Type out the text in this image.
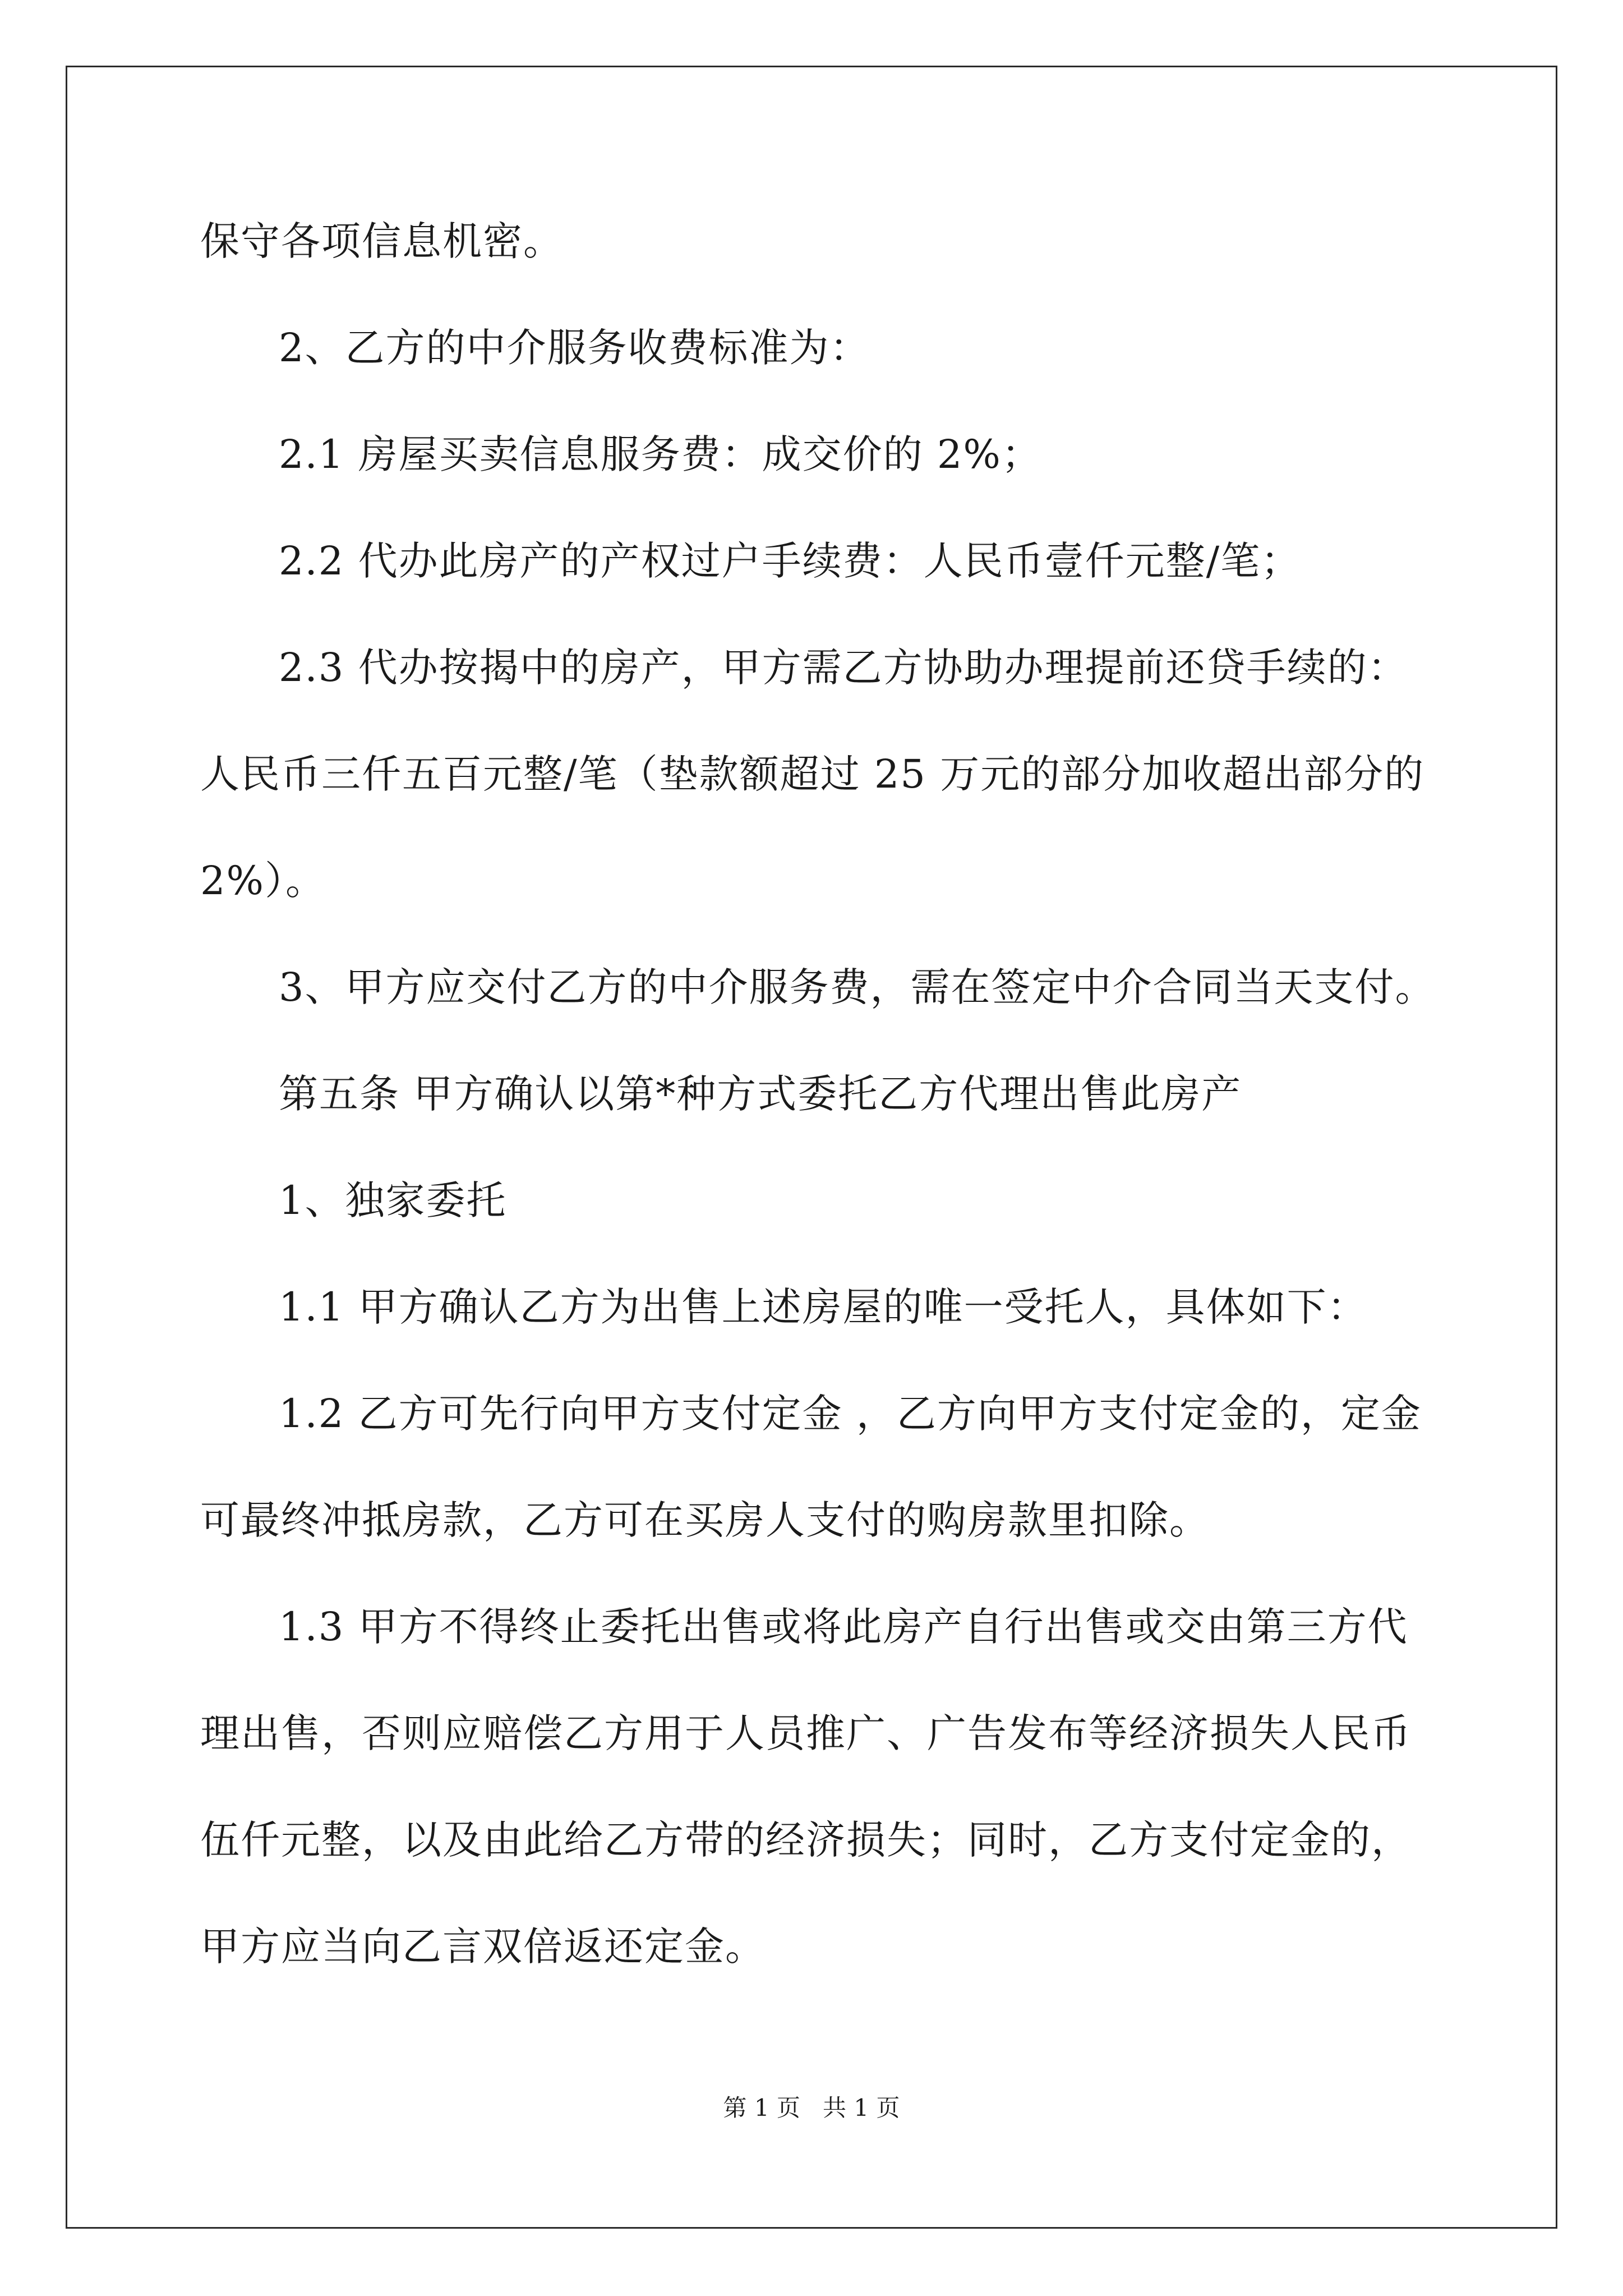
保守各项信息机密。
2、乙方的中介服务收费标准为：
2.1 房屋买卖信息服务费：成交价的 2%；
2.2 代办此房产的产权过户手续费：人民币壹仟元整/笔；
2.3 代办按揭中的房产，甲方需乙方协助办理提前还贷手续的：
人民币三仟五百元整/笔（垫款额超过 25 万元的部分加收超出部分的
2%）。
3、甲方应交付乙方的中介服务费，需在签定中介合同当天支付。
第五条 甲方确认以第*种方式委托乙方代理出售此房产
1、独家委托
1.1 甲方确认乙方为出售上述房屋的唯一受托人，具体如下：
1.2 乙方可先行向甲方支付定金 ，乙方向甲方支付定金的，定金
可最终冲抵房款，乙方可在买房人支付的购房款里扣除。
1.3 甲方不得终止委托出售或将此房产自行出售或交由第三方代
理出售，否则应赔偿乙方用于人员推广、广告发布等经济损失人民币
伍仟元整，以及由此给乙方带的经济损失；同时，乙方支付定金的，
甲方应当向乙言双倍返还定金。
第 1 页   共 1 页
